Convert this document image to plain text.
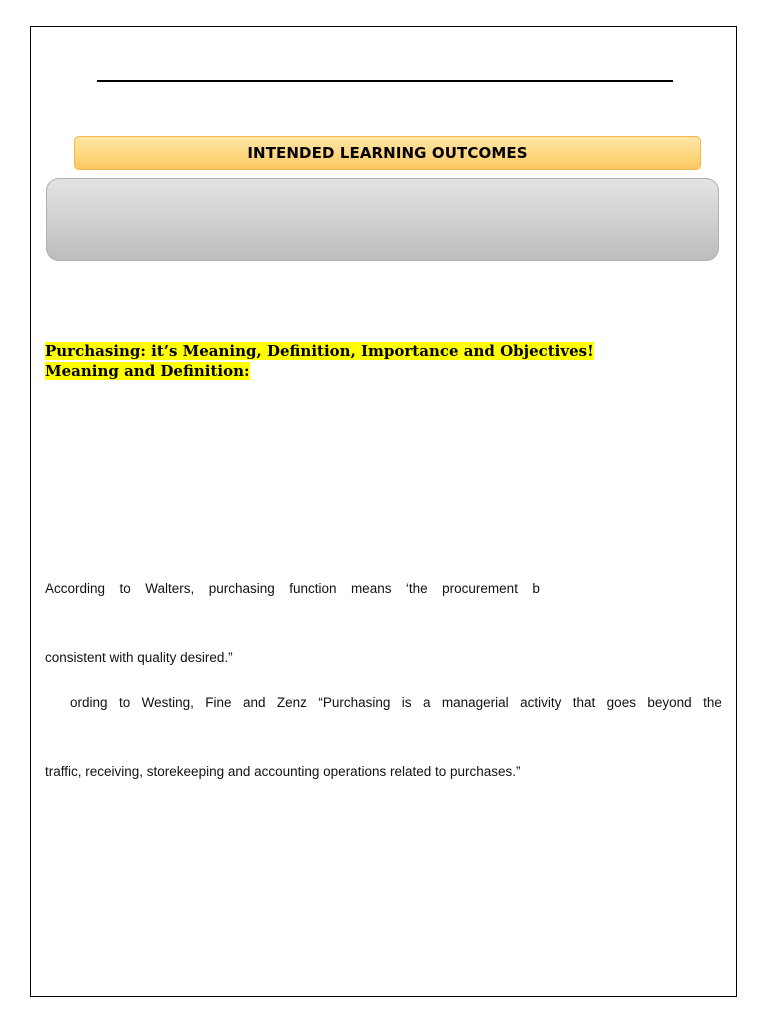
INTENDED LEARNING OUTCOMES
Purchasing: it’s Meaning, Definition, Importance and Objectives!
Meaning and Definition:
According to Walters, purchasing function means ‘the procurement b
consistent with quality desired.”
ording to Westing, Fine and Zenz “Purchasing is a managerial activity that goes beyond the
traffic, receiving, storekeeping and accounting operations related to purchases.”
